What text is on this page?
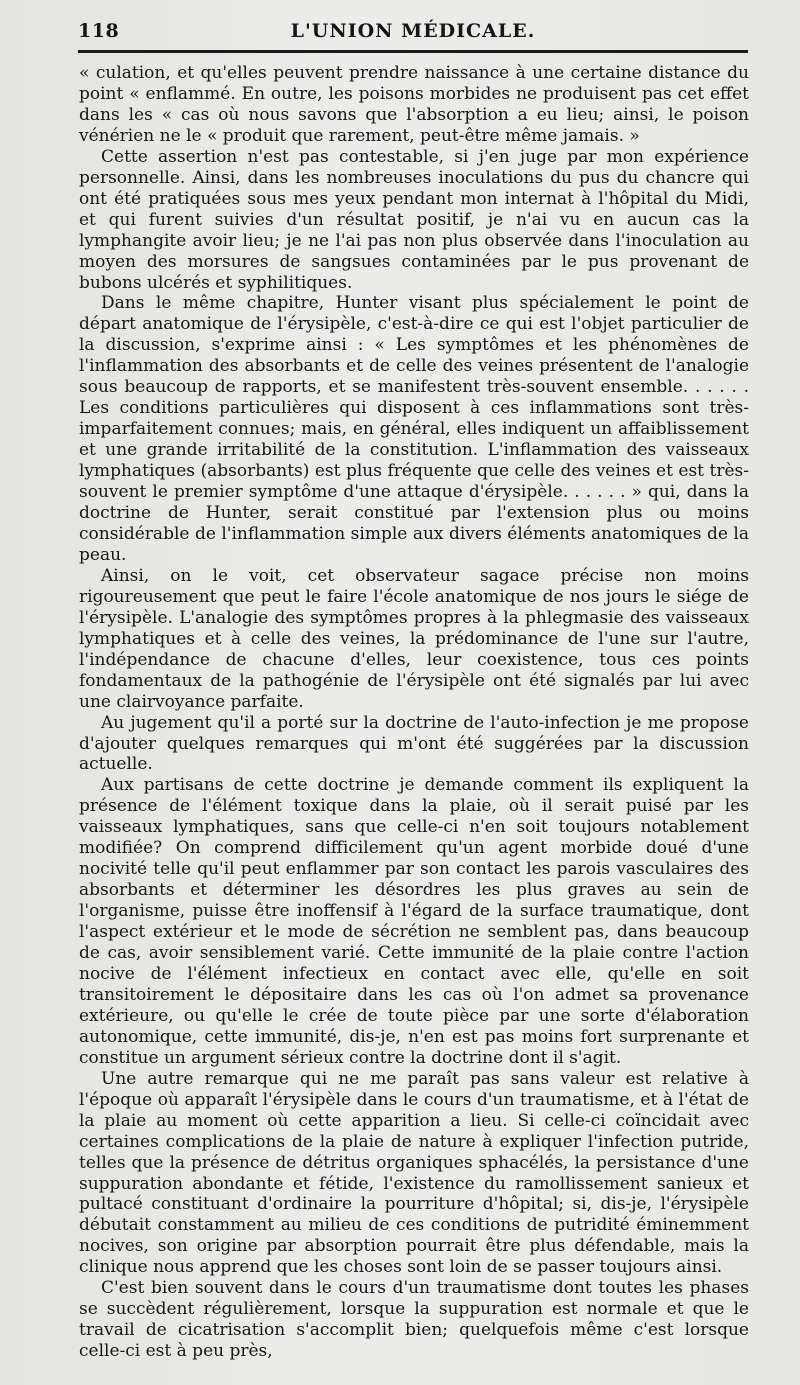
118	L'UNION MÉDICALE.

« culation, et qu'elles peuvent prendre naissance à une certaine distance du point « enflammé. En outre, les poisons morbides ne produisent pas cet effet dans les « cas où nous savons que l'absorption a eu lieu; ainsi, le poison vénérien ne le « produit que rarement, peut-être même jamais. »

Cette assertion n'est pas contestable, si j'en juge par mon expérience personnelle. Ainsi, dans les nombreuses inoculations du pus du chancre qui ont été pratiquées sous mes yeux pendant mon internat à l'hôpital du Midi, et qui furent suivies d'un résultat positif, je n'ai vu en aucun cas la lymphangite avoir lieu; je ne l'ai pas non plus observée dans l'inoculation au moyen des morsures de sangsues contaminées par le pus provenant de bubons ulcérés et syphilitiques.

Dans le même chapitre, Hunter visant plus spécialement le point de départ anatomique de l'érysipèle, c'est-à-dire ce qui est l'objet particulier de la discussion, s'exprime ainsi : « Les symptômes et les phénomènes de l'inflammation des absorbants et de celle des veines présentent de l'analogie sous beaucoup de rapports, et se manifestent très-souvent ensemble. . . . . . Les conditions particulières qui disposent à ces inflammations sont très-imparfaitement connues; mais, en général, elles indiquent un affaiblissement et une grande irritabilité de la constitution. L'inflammation des vaisseaux lymphatiques (absorbants) est plus fréquente que celle des veines et est très-souvent le premier symptôme d'une attaque d'érysipèle. . . . . . » qui, dans la doctrine de Hunter, serait constitué par l'extension plus ou moins considérable de l'inflammation simple aux divers éléments anatomiques de la peau.

Ainsi, on le voit, cet observateur sagace précise non moins rigoureusement que peut le faire l'école anatomique de nos jours le siége de l'érysipèle. L'analogie des symptômes propres à la phlegmasie des vaisseaux lymphatiques et à celle des veines, la prédominance de l'une sur l'autre, l'indépendance de chacune d'elles, leur coexistence, tous ces points fondamentaux de la pathogénie de l'érysipèle ont été signalés par lui avec une clairvoyance parfaite.

Au jugement qu'il a porté sur la doctrine de l'auto-infection je me propose d'ajouter quelques remarques qui m'ont été suggérées par la discussion actuelle.

Aux partisans de cette doctrine je demande comment ils expliquent la présence de l'élément toxique dans la plaie, où il serait puisé par les vaisseaux lymphatiques, sans que celle-ci n'en soit toujours notablement modifiée? On comprend difficilement qu'un agent morbide doué d'une nocivité telle qu'il peut enflammer par son contact les parois vasculaires des absorbants et déterminer les désordres les plus graves au sein de l'organisme, puisse être inoffensif à l'égard de la surface traumatique, dont l'aspect extérieur et le mode de sécrétion ne semblent pas, dans beaucoup de cas, avoir sensiblement varié. Cette immunité de la plaie contre l'action nocive de l'élément infectieux en contact avec elle, qu'elle en soit transitoirement le dépositaire dans les cas où l'on admet sa provenance extérieure, ou qu'elle le crée de toute pièce par une sorte d'élaboration autonomique, cette immunité, dis-je, n'en est pas moins fort surprenante et constitue un argument sérieux contre la doctrine dont il s'agit.

Une autre remarque qui ne me paraît pas sans valeur est relative à l'époque où apparaît l'érysipèle dans le cours d'un traumatisme, et à l'état de la plaie au moment où cette apparition a lieu. Si celle-ci coïncidait avec certaines complications de la plaie de nature à expliquer l'infection putride, telles que la présence de détritus organiques sphacélés, la persistance d'une suppuration abondante et fétide, l'existence du ramollissement sanieux et pultacé constituant d'ordinaire la pourriture d'hôpital; si, dis-je, l'érysipèle débutait constamment au milieu de ces conditions de putridité éminemment nocives, son origine par absorption pourrait être plus défendable, mais la clinique nous apprend que les choses sont loin de se passer toujours ainsi.

C'est bien souvent dans le cours d'un traumatisme dont toutes les phases se succèdent régulièrement, lorsque la suppuration est normale et que le travail de cicatrisation s'accomplit bien; quelquefois même c'est lorsque celle-ci est à peu près,
